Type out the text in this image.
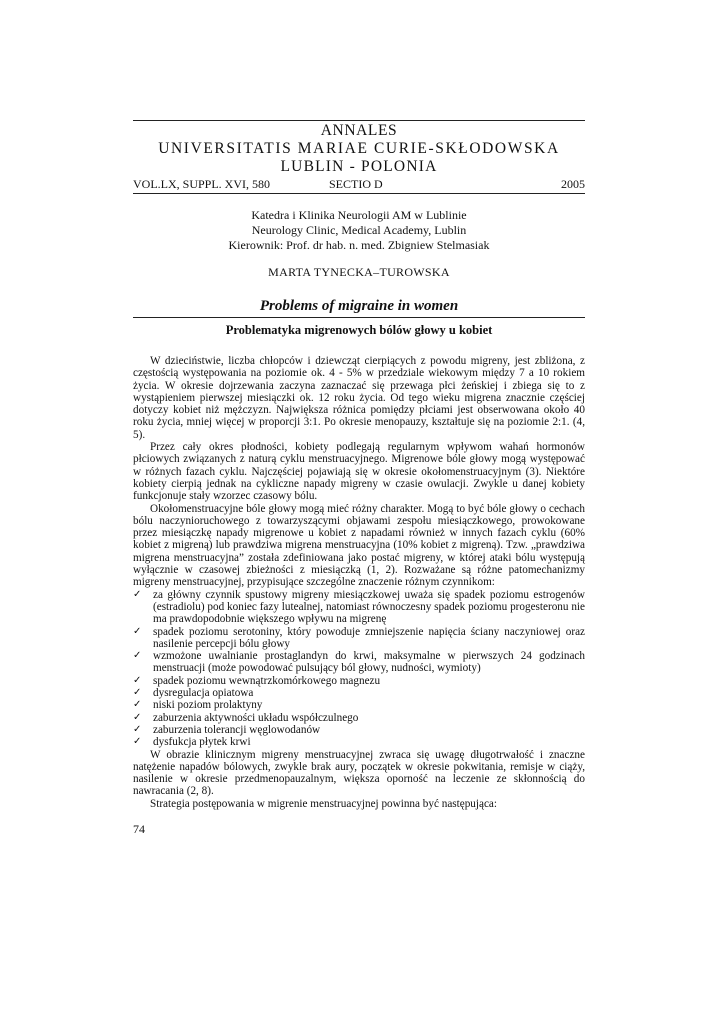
ANNALES
UNIVERSITATIS MARIAE CURIE-SKŁODOWSKA
LUBLIN - POLONIA
VOL.LX, SUPPL. XVI, 580	SECTIO D	2005
Katedra i Klinika Neurologii AM w Lublinie
Neurology Clinic, Medical Academy, Lublin
Kierownik: Prof. dr hab. n. med. Zbigniew Stelmasiak
MARTA TYNECKA–TUROWSKA
Problems of migraine in women
Problematyka migrenowych bólów głowy u kobiet

W dzieciństwie, liczba chłopców i dziewcząt cierpiących z powodu migreny, jest zbliżona, z częstością występowania na poziomie ok. 4 - 5% w przedziale wiekowym między 7 a 10 rokiem życia. W okresie dojrzewania zaczyna zaznaczać się przewaga płci żeńskiej i zbiega się to z wystąpieniem pierwszej miesiączki ok. 12 roku życia. Od tego wieku migrena znacznie częściej dotyczy kobiet niż mężczyzn. Największa różnica pomiędzy płciami jest obserwowana około 40 roku życia, mniej więcej w proporcji 3:1. Po okresie menopauzy, kształtuje się na poziomie 2:1. (4, 5).

Przez cały okres płodności, kobiety podlegają regularnym wpływom wahań hormonów płciowych związanych z naturą cyklu menstruacyjnego. Migrenowe bóle głowy mogą występować w różnych fazach cyklu. Najczęściej pojawiają się w okresie okołomenstruacyjnym (3). Niektóre kobiety cierpią jednak na cykliczne napady migreny w czasie owulacji. Zwykle u danej kobiety funkcjonuje stały wzorzec czasowy bólu.

Okołomenstruacyjne bóle głowy mogą mieć różny charakter. Mogą to być bóle głowy o cechach bólu naczynioruchowego z towarzyszącymi objawami zespołu miesiączkowego, prowokowane przez miesiączkę napady migrenowe u kobiet z napadami również w innych fazach cyklu (60% kobiet z migreną) lub prawdziwa migrena menstruacyjna (10% kobiet z migreną). Tzw. „prawdziwa migrena menstruacyjna” została zdefiniowana jako postać migreny, w której ataki bólu występują wyłącznie w czasowej zbieżności z miesiączką (1, 2). Rozważane są różne patomechanizmy migreny menstruacyjnej, przypisujące szczególne znaczenie różnym czynnikom:

✓ za główny czynnik spustowy migreny miesiączkowej uważa się spadek poziomu estrogenów (estradiolu) pod koniec fazy lutealnej, natomiast równoczesny spadek poziomu progesteronu nie ma prawdopodobnie większego wpływu na migrenę
✓ spadek poziomu serotoniny, który powoduje zmniejszenie napięcia ściany naczyniowej oraz nasilenie percepcji bólu głowy
✓ wzmożone uwalnianie prostaglandyn do krwi, maksymalne w pierwszych 24 godzinach menstruacji (może powodować pulsujący ból głowy, nudności, wymioty)
✓ spadek poziomu wewnątrzkomórkowego magnezu
✓ dysregulacja opiatowa
✓ niski poziom prolaktyny
✓ zaburzenia aktywności układu współczulnego
✓ zaburzenia tolerancji węglowodanów
✓ dysfukcja płytek krwi

W obrazie klinicznym migreny menstruacyjnej zwraca się uwagę długotrwałość i znaczne natężenie napadów bólowych, zwykle brak aury, początek w okresie pokwitania, remisje w ciąży, nasilenie w okresie przedmenopauzalnym, większa oporność na leczenie ze skłonnością do nawracania (2, 8).

Strategia postępowania w migrenie menstruacyjnej powinna być następująca:

74
